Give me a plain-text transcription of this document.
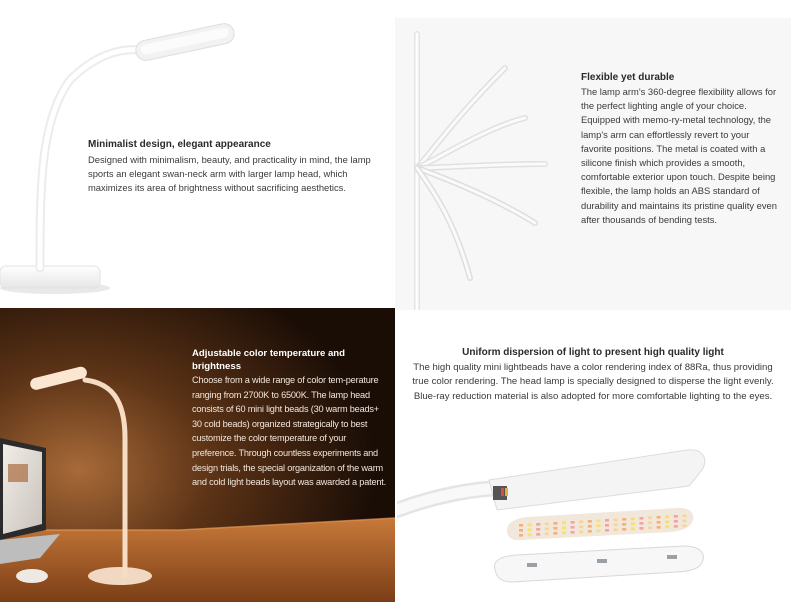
Minimalist design, elegant appearance
Designed with minimalism, beauty, and practicality in mind, the lamp sports an elegant swan-neck arm with larger lamp head, which maximizes its area of brightness without sacrificing aesthetics.
Flexible yet durable
The lamp arm's 360-degree flexibility allows for the perfect lighting angle of your choice. Equipped with memo-ry-metal technology, the lamp's arm can effortlessly revert to your favorite positions. The metal is coated with a silicone finish which provides a smooth, comfortable exterior upon touch. Despite being flexible, the lamp holds an ABS standard of durability and maintains its pristine quality even after thousands of bending tests.
Adjustable color temperature and brightness
Choose from a wide range of color tem-perature ranging from 2700K to 6500K. The lamp head consists of 60 mini light beads (30 warm beads+ 30 cold beads) organized strategically to best customize the color temperature of your preference. Through countless experiments and design trials, the special organization of the warm and cold light beads layout was awarded a patent.
Uniform dispersion of light to present high quality light
The high quality mini lightbeads have a color rendering index of 88Ra, thus providing true color rendering. The head lamp is specially designed to disperse the light evenly. Blue-ray reduction material is also adopted for more comfortable lighting to the eyes.
